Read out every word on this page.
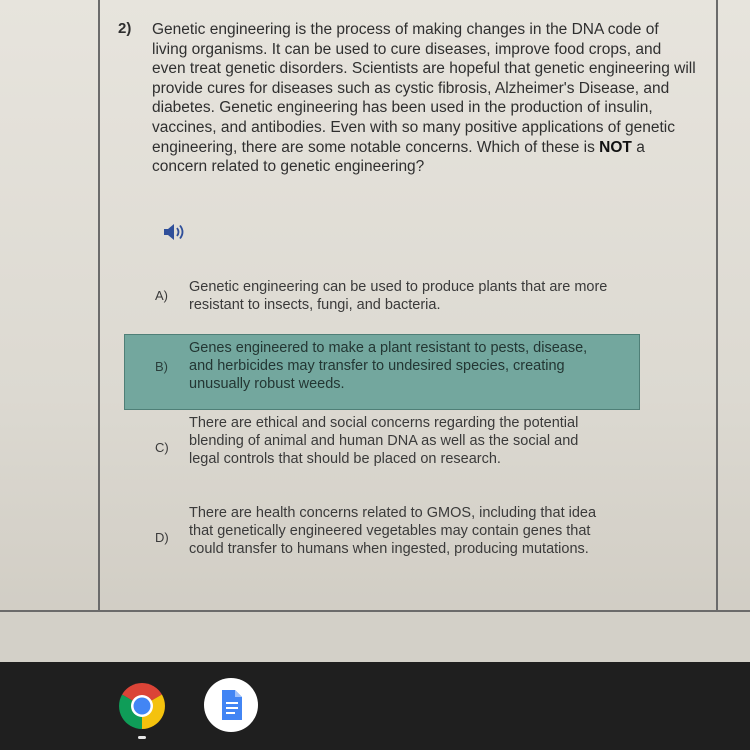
2) Genetic engineering is the process of making changes in the DNA code of living organisms. It can be used to cure diseases, improve food crops, and even treat genetic disorders. Scientists are hopeful that genetic engineering will provide cures for diseases such as cystic fibrosis, Alzheimer's Disease, and diabetes. Genetic engineering has been used in the production of insulin, vaccines, and antibodies. Even with so many positive applications of genetic engineering, there are some notable concerns. Which of these is NOT a concern related to genetic engineering?
A)
Genetic engineering can be used to produce plants that are more resistant to insects, fungi, and bacteria.
B)
Genes engineered to make a plant resistant to pests, disease, and herbicides may transfer to undesired species, creating unusually robust weeds.
C)
There are ethical and social concerns regarding the potential blending of animal and human DNA as well as the social and legal controls that should be placed on research.
D)
There are health concerns related to GMOS, including that idea that genetically engineered vegetables may contain genes that could transfer to humans when ingested, producing mutations.
